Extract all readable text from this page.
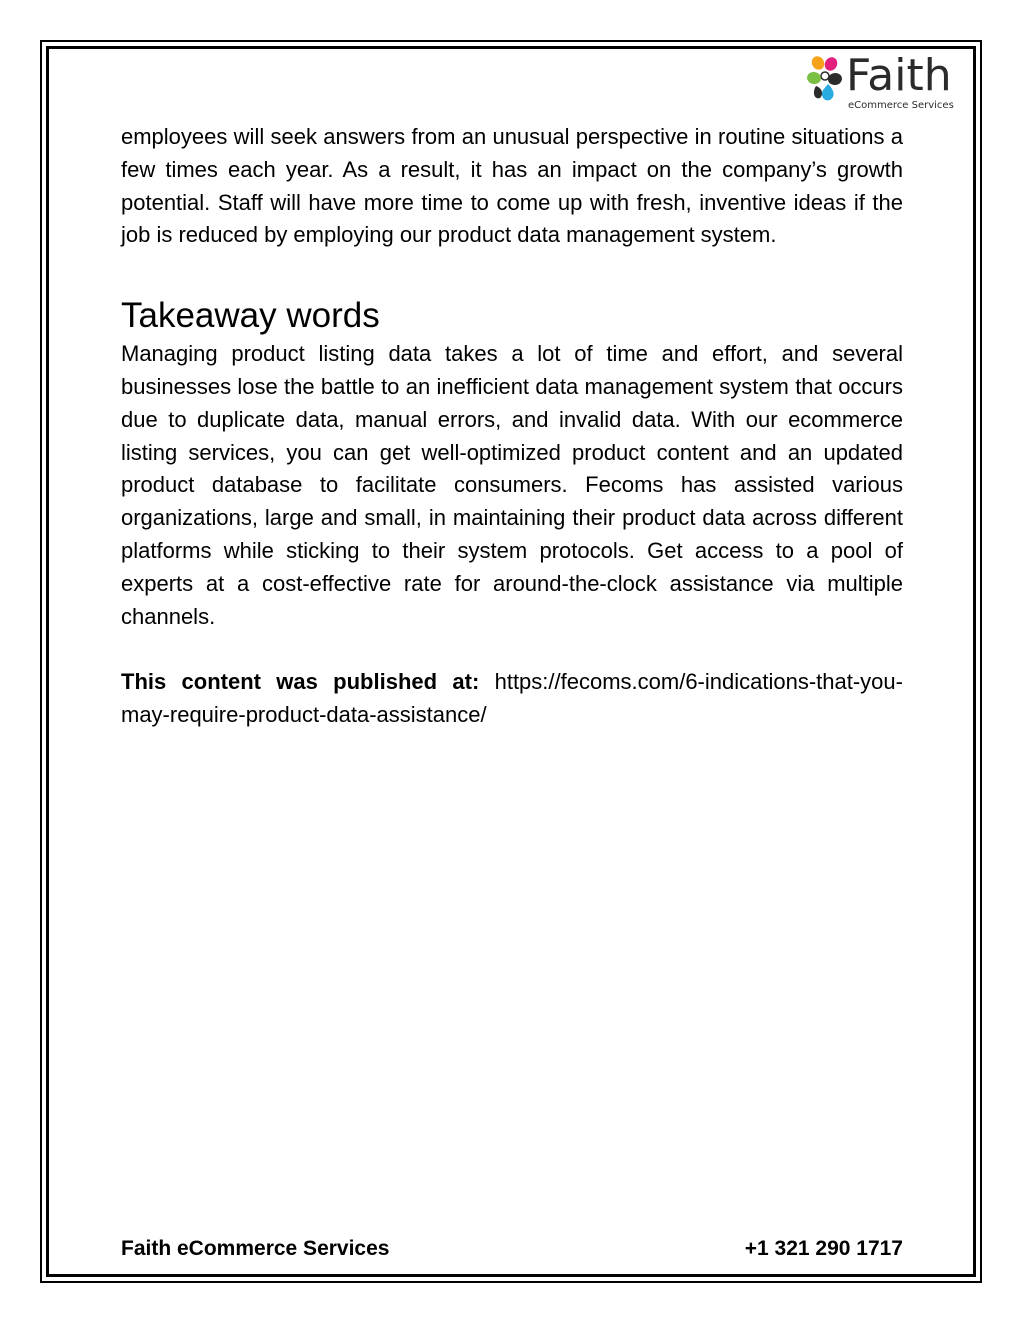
Faith
eCommerce Services

employees will seek answers from an unusual perspective in routine situations a few times each year. As a result, it has an impact on the company’s growth potential. Staff will have more time to come up with fresh, inventive ideas if the job is reduced by employing our product data management system.

Takeaway words

Managing product listing data takes a lot of time and effort, and several businesses lose the battle to an inefficient data management system that occurs due to duplicate data, manual errors, and invalid data. With our ecommerce listing services, you can get well-optimized product content and an updated product database to facilitate consumers. Fecoms has assisted various organizations, large and small, in maintaining their product data across different platforms while sticking to their system protocols. Get access to a pool of experts at a cost-effective rate for around-the-clock assistance via multiple channels.

This content was published at: https://fecoms.com/6-indications-that-you-may-require-product-data-assistance/

Faith eCommerce Services	+1 321 290 1717
